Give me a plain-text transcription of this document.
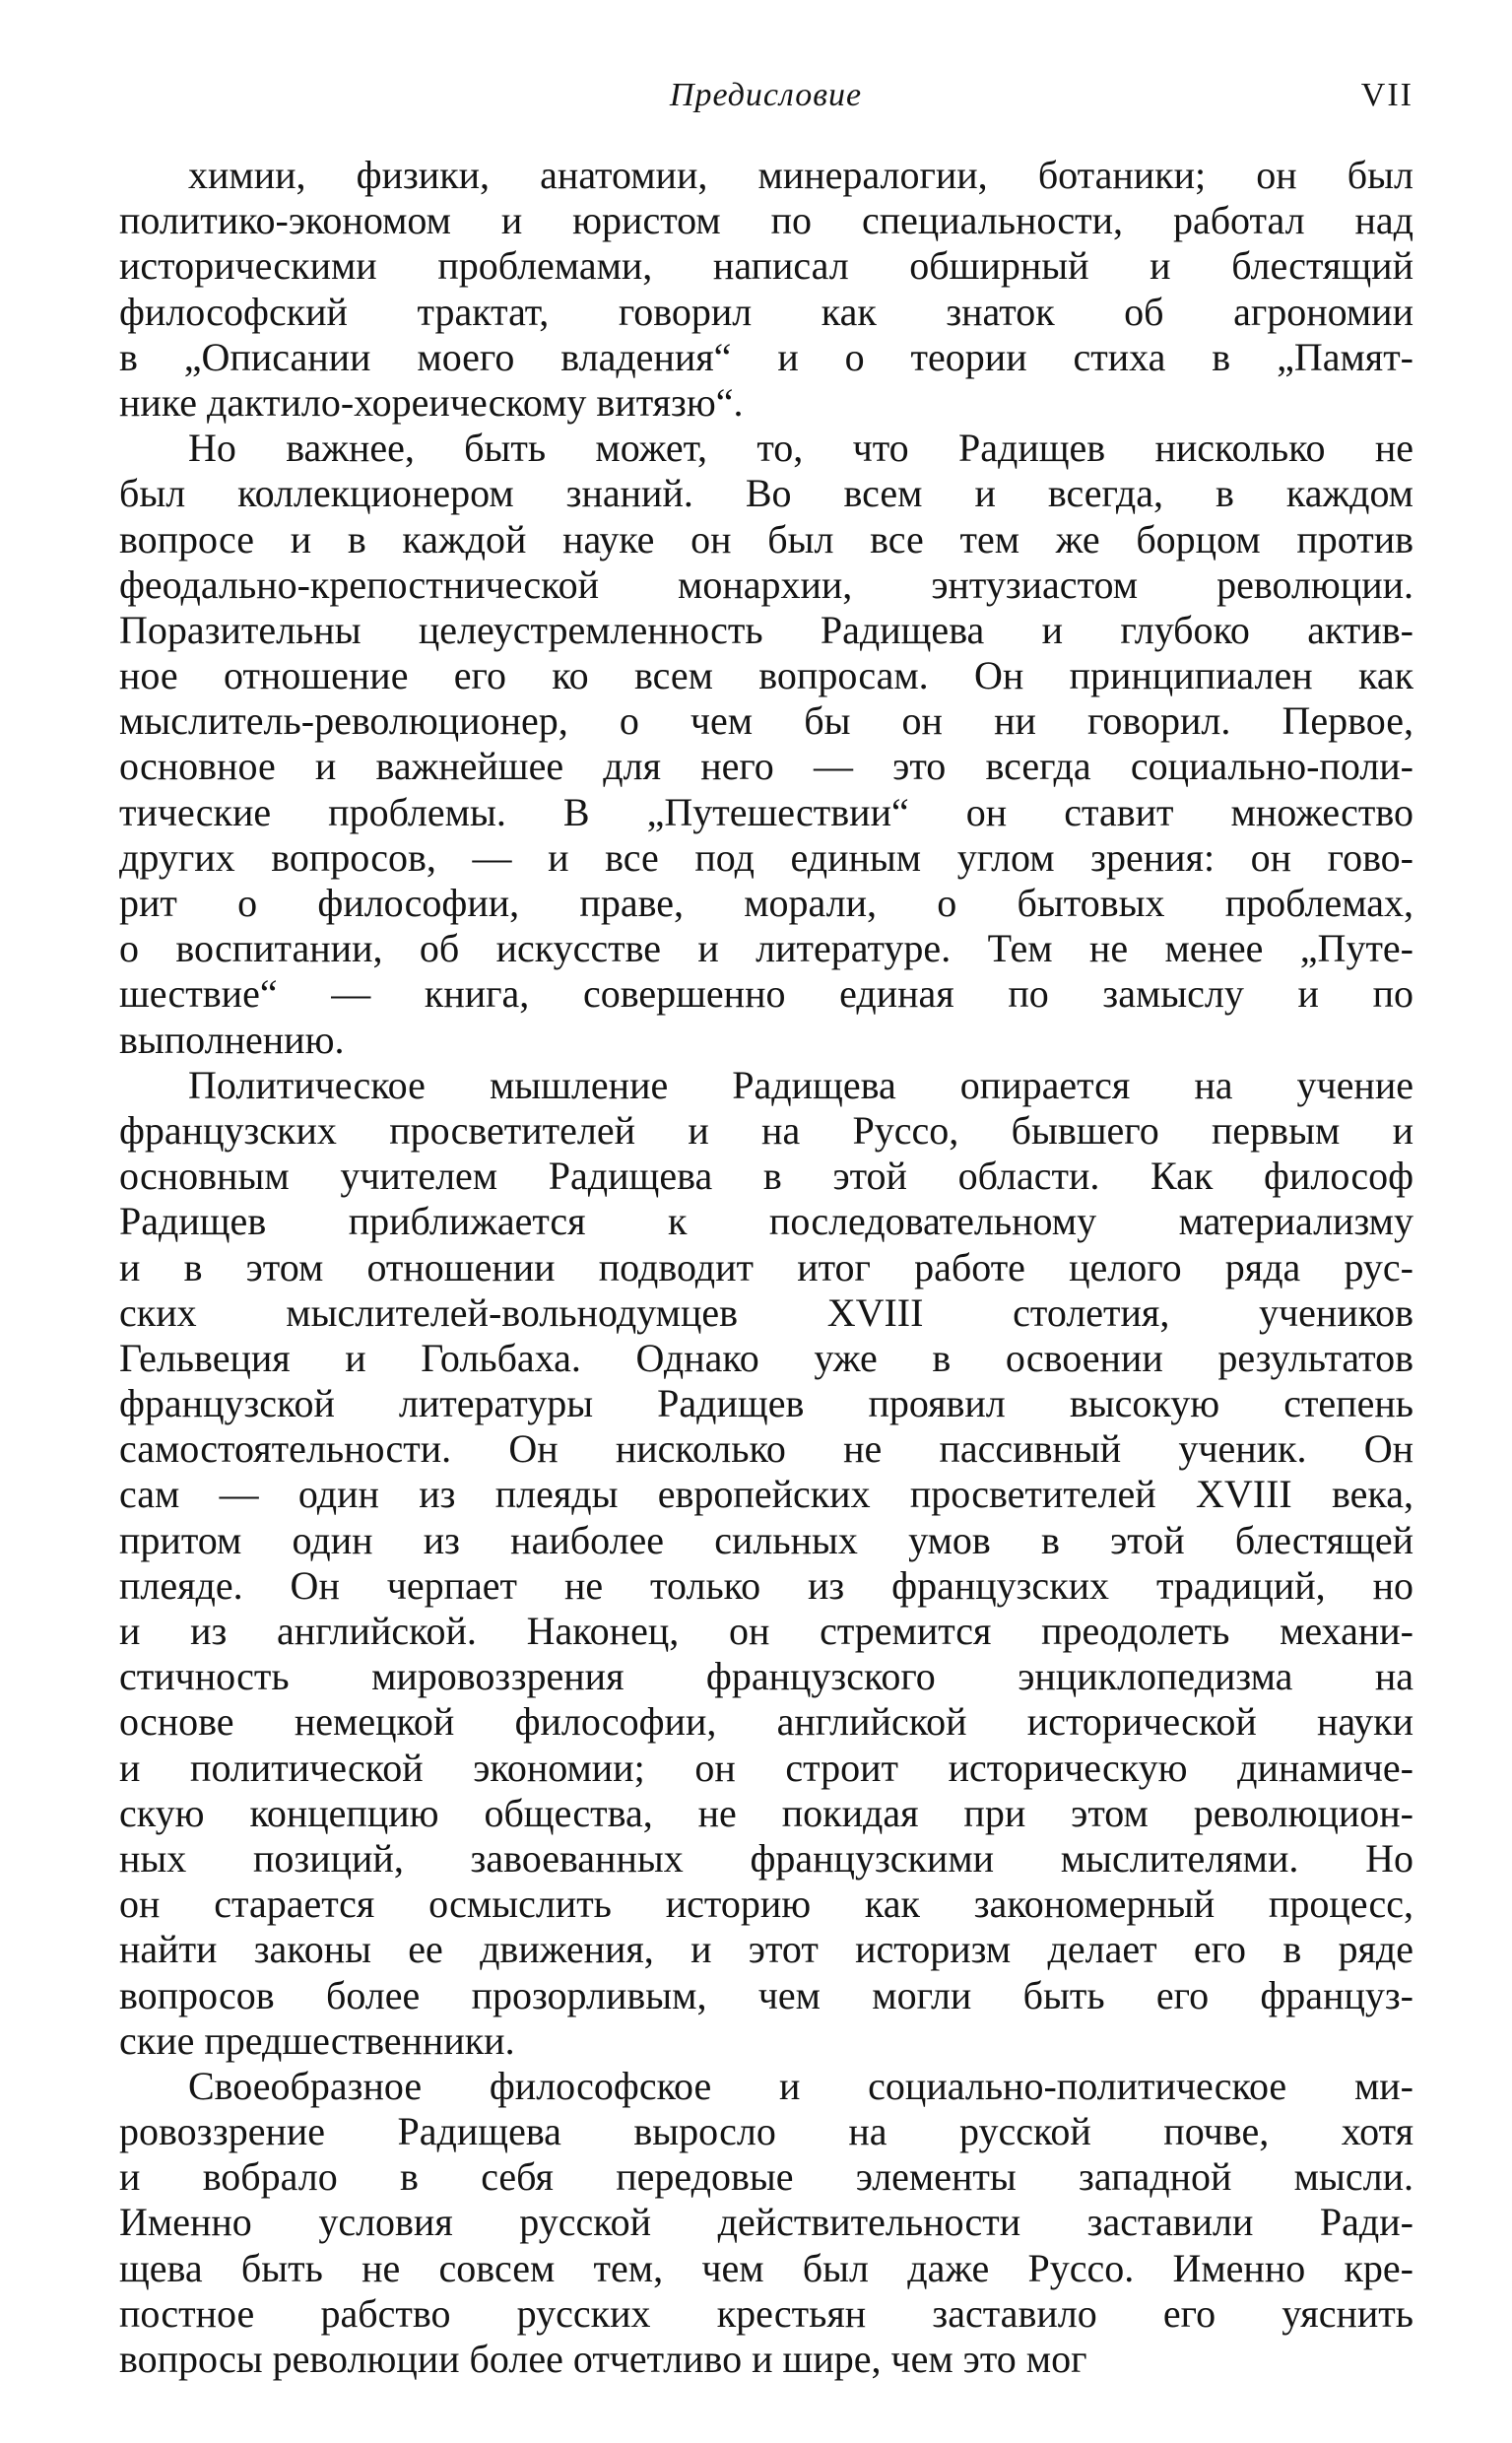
Предисловие	VII
химии, физики, анатомии, минералогии, ботаники; он был
политико-экономом и юристом по специальности, работал над
историческими проблемами, написал обширный и блестящий
философский трактат, говорил как знаток об агрономии
в „Описании моего владения“ и о теории стиха в „Памят-
нике дактило-хореическому витязю“.
Но важнее, быть может, то, что Радищев нисколько не
был коллекционером знаний. Во всем и всегда, в каждом
вопросе и в каждой науке он был все тем же борцом против
феодально-крепостнической монархии, энтузиастом революции.
Поразительны целеустремленность Радищева и глубоко актив-
ное отношение его ко всем вопросам. Он принципиален как
мыслитель-революционер, о чем бы он ни говорил. Первое,
основное и важнейшее для него — это всегда социально-поли-
тические проблемы. В „Путешествии“ он ставит множество
других вопросов, — и все под единым углом зрения: он гово-
рит о философии, праве, морали, о бытовых проблемах,
о воспитании, об искусстве и литературе. Тем не менее „Путе-
шествие“ — книга, совершенно единая по замыслу и по
выполнению.
Политическое мышление Радищева опирается на учение
французских просветителей и на Руссо, бывшего первым и
основным учителем Радищева в этой области. Как философ
Радищев приближается к последовательному материализму
и в этом отношении подводит итог работе целого ряда рус-
ских мыслителей-вольнодумцев XVIII столетия, учеников
Гельвеция и Гольбаха. Однако уже в освоении результатов
французской литературы Радищев проявил высокую степень
самостоятельности. Он нисколько не пассивный ученик. Он
сам — один из плеяды европейских просветителей XVIII века,
притом один из наиболее сильных умов в этой блестящей
плеяде. Он черпает не только из французских традиций, но
и из английской. Наконец, он стремится преодолеть механи-
стичность мировоззрения французского энциклопедизма на
основе немецкой философии, английской исторической науки
и политической экономии; он строит историческую динамиче-
скую концепцию общества, не покидая при этом революцион-
ных позиций, завоеванных французскими мыслителями. Но
он старается осмыслить историю как закономерный процесс,
найти законы ее движения, и этот историзм делает его в ряде
вопросов более прозорливым, чем могли быть его француз-
ские предшественники.
Своеобразное философское и социально-политическое ми-
ровоззрение Радищева выросло на русской почве, хотя
и вобрало в себя передовые элементы западной мысли.
Именно условия русской действительности заставили Ради-
щева быть не совсем тем, чем был даже Руссо. Именно кре-
постное рабство русских крестьян заставило его уяснить
вопросы революции более отчетливо и шире, чем это мог
